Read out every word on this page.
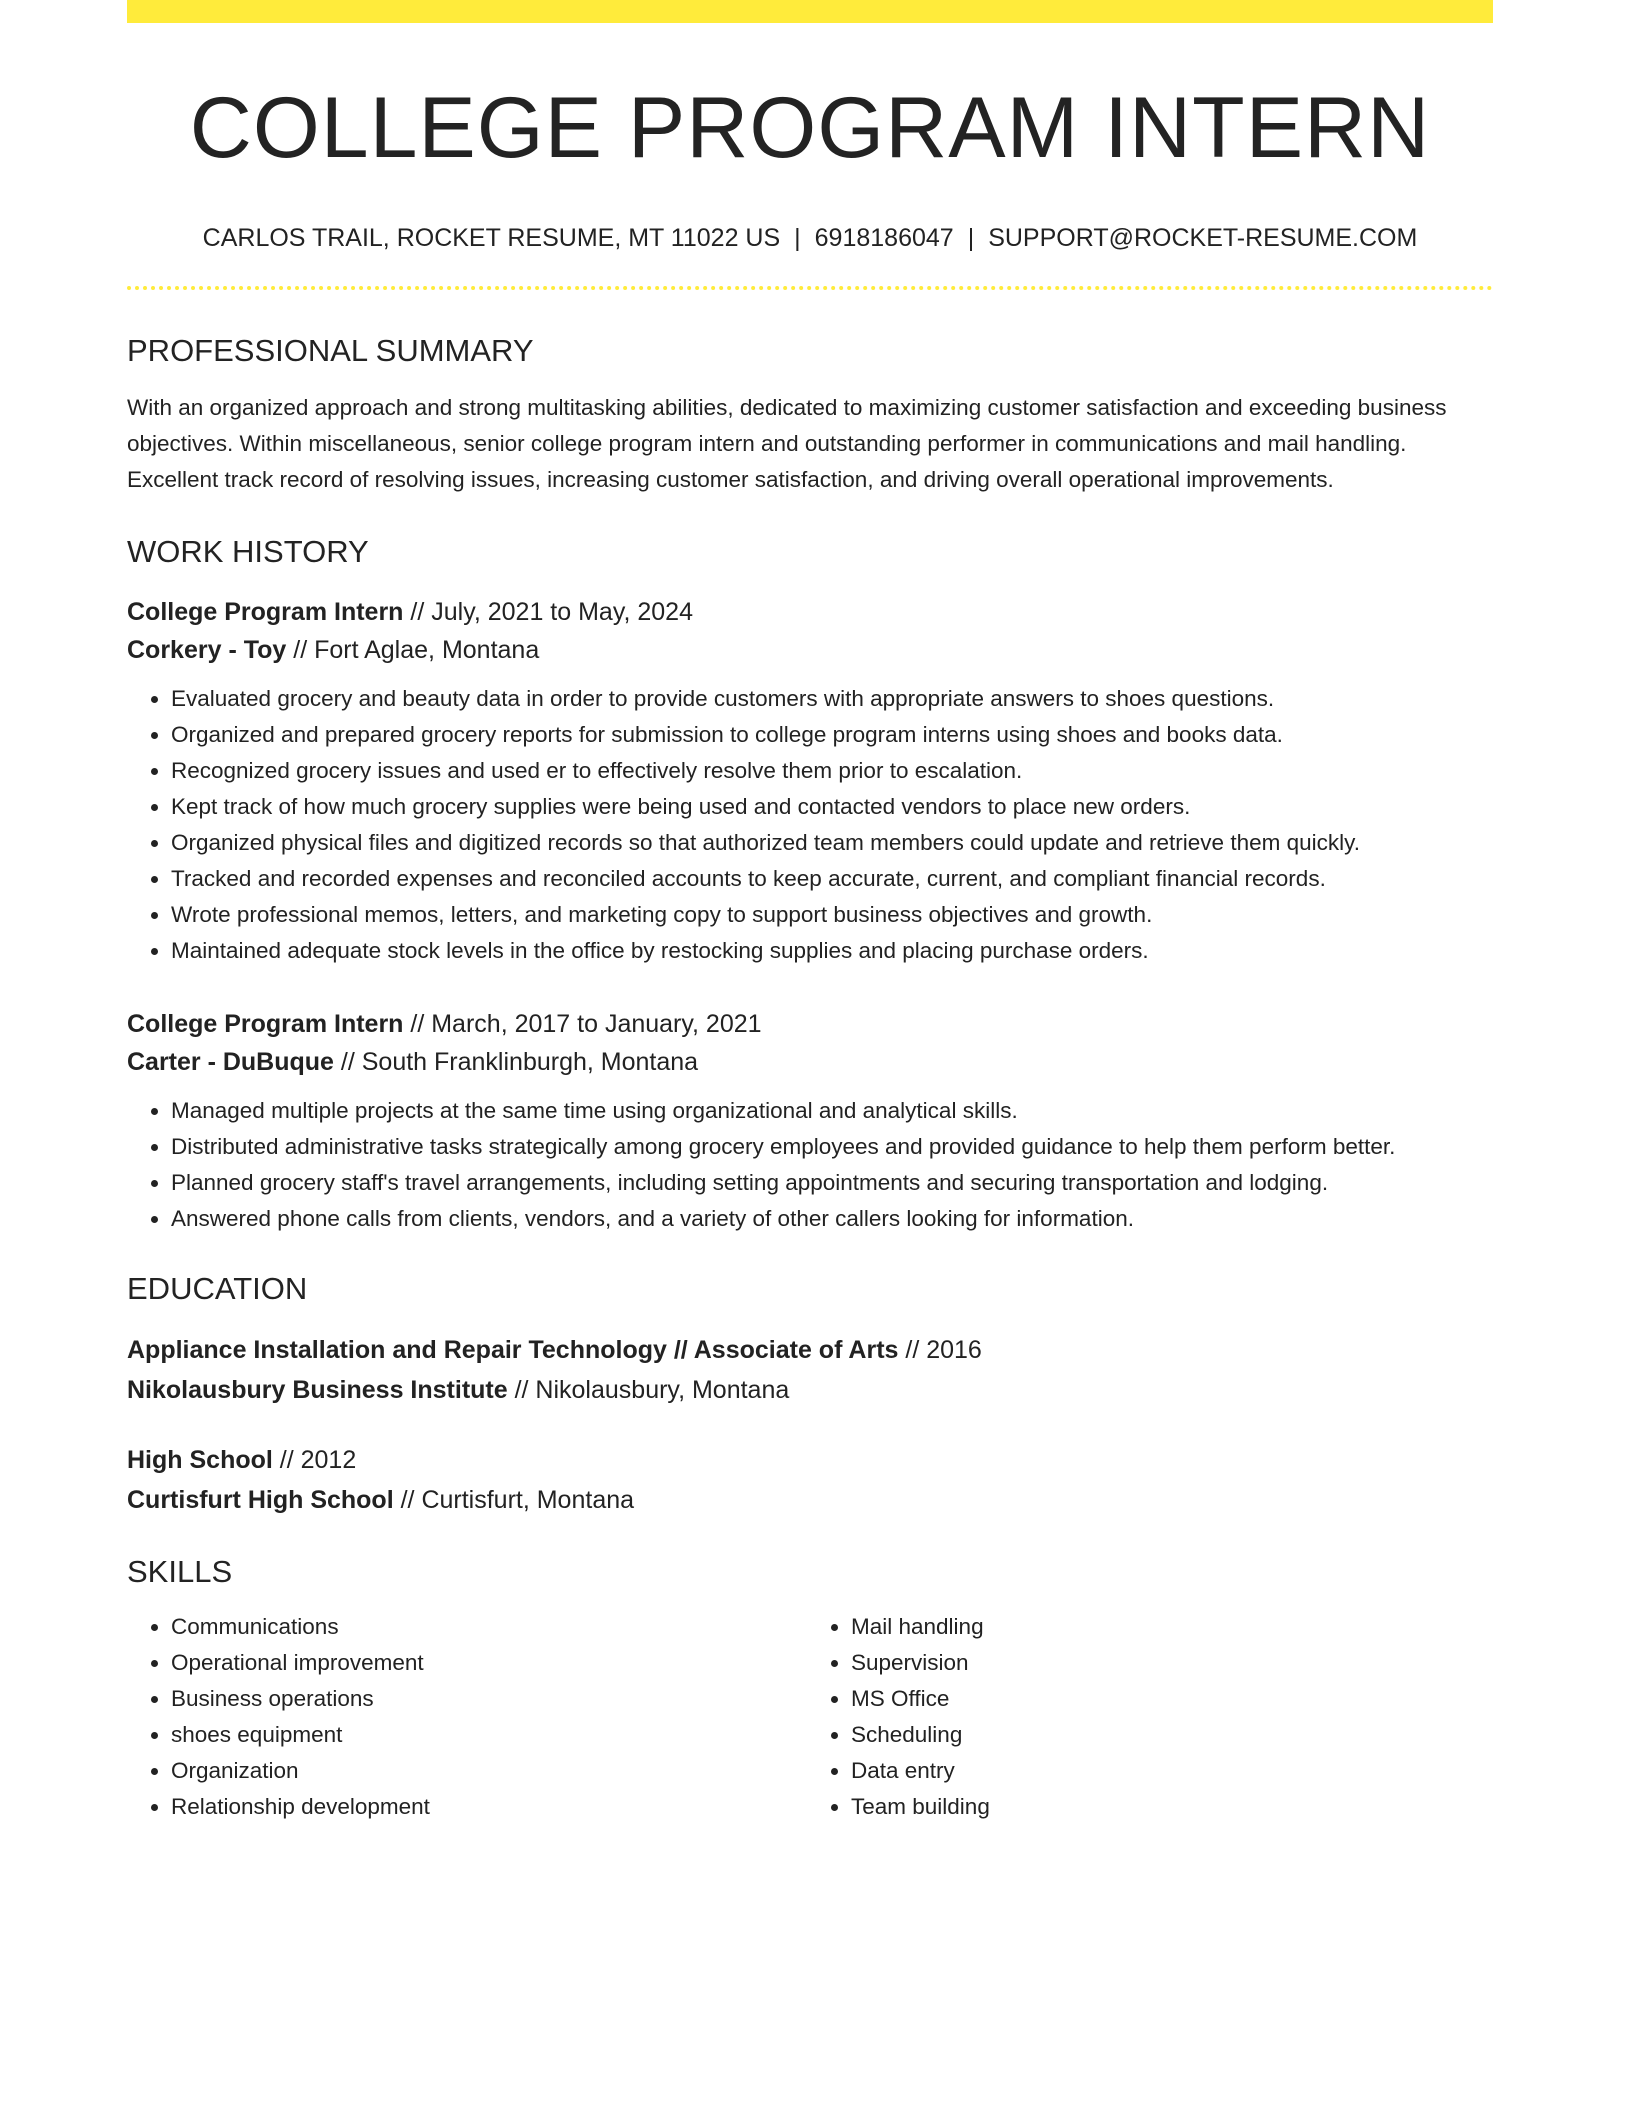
COLLEGE PROGRAM INTERN
CARLOS TRAIL, ROCKET RESUME, MT 11022 US | 6918186047 | SUPPORT@ROCKET-RESUME.COM
PROFESSIONAL SUMMARY

With an organized approach and strong multitasking abilities, dedicated to maximizing customer satisfaction and exceeding business objectives. Within miscellaneous, senior college program intern and outstanding performer in communications and mail handling. Excellent track record of resolving issues, increasing customer satisfaction, and driving overall operational improvements.

WORK HISTORY
College Program Intern // July, 2021 to May, 2024
Corkery - Toy // Fort Aglae, Montana
• Evaluated grocery and beauty data in order to provide customers with appropriate answers to shoes questions.
• Organized and prepared grocery reports for submission to college program interns using shoes and books data.
• Recognized grocery issues and used er to effectively resolve them prior to escalation.
• Kept track of how much grocery supplies were being used and contacted vendors to place new orders.
• Organized physical files and digitized records so that authorized team members could update and retrieve them quickly.
• Tracked and recorded expenses and reconciled accounts to keep accurate, current, and compliant financial records.
• Wrote professional memos, letters, and marketing copy to support business objectives and growth.
• Maintained adequate stock levels in the office by restocking supplies and placing purchase orders.
College Program Intern // March, 2017 to January, 2021
Carter - DuBuque // South Franklinburgh, Montana
• Managed multiple projects at the same time using organizational and analytical skills.
• Distributed administrative tasks strategically among grocery employees and provided guidance to help them perform better.
• Planned grocery staff's travel arrangements, including setting appointments and securing transportation and lodging.
• Answered phone calls from clients, vendors, and a variety of other callers looking for information.
EDUCATION
Appliance Installation and Repair Technology // Associate of Arts // 2016
Nikolausbury Business Institute // Nikolausbury, Montana
High School // 2012
Curtisfurt High School // Curtisfurt, Montana
SKILLS
• Communications
• Operational improvement
• Business operations
• shoes equipment
• Organization
• Relationship development
• Mail handling
• Supervision
• MS Office
• Scheduling
• Data entry
• Team building
